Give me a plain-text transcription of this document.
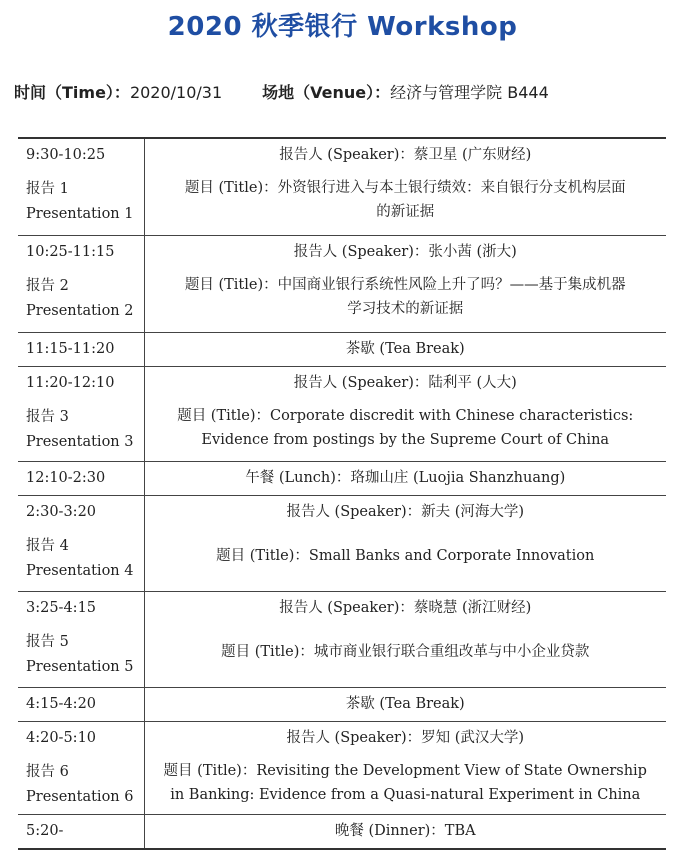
2020 秋季银行 Workshop
时间（Time）：2020/10/31	场地（Venue）：经济与管理学院 B444
9:30-10:25
报告 1
Presentation 1	报告人 (Speaker)：蔡卫星 (广东财经)
题目 (Title)：外资银行进入与本土银行绩效：来自银行分支机构层面
的新证据

10:25-11:15
报告 2
Presentation 2	报告人 (Speaker)：张小茜 (浙大)
题目 (Title)：中国商业银行系统性风险上升了吗？——基于集成机器
学习技术的新证据

11:15-11:20	茶歇 (Tea Break)

11:20-12:10
报告 3
Presentation 3	报告人 (Speaker)：陆利平 (人大)
题目 (Title)：Corporate discredit with Chinese characteristics:
Evidence from postings by the Supreme Court of China

12:10-2:30	午餐 (Lunch)：珞珈山庄 (Luojia Shanzhuang)

2:30-3:20
报告 4
Presentation 4	报告人 (Speaker)：新夫 (河海大学)
题目 (Title)：Small Banks and Corporate Innovation

3:25-4:15
报告 5
Presentation 5	报告人 (Speaker)：蔡晓慧 (浙江财经)
题目 (Title)：城市商业银行联合重组改革与中小企业贷款

4:15-4:20	茶歇 (Tea Break)

4:20-5:10
报告 6
Presentation 6	报告人 (Speaker)：罗知 (武汉大学)
题目 (Title)：Revisiting the Development View of State Ownership
in Banking: Evidence from a Quasi-natural Experiment in China

5:20-	晚餐 (Dinner)：TBA
